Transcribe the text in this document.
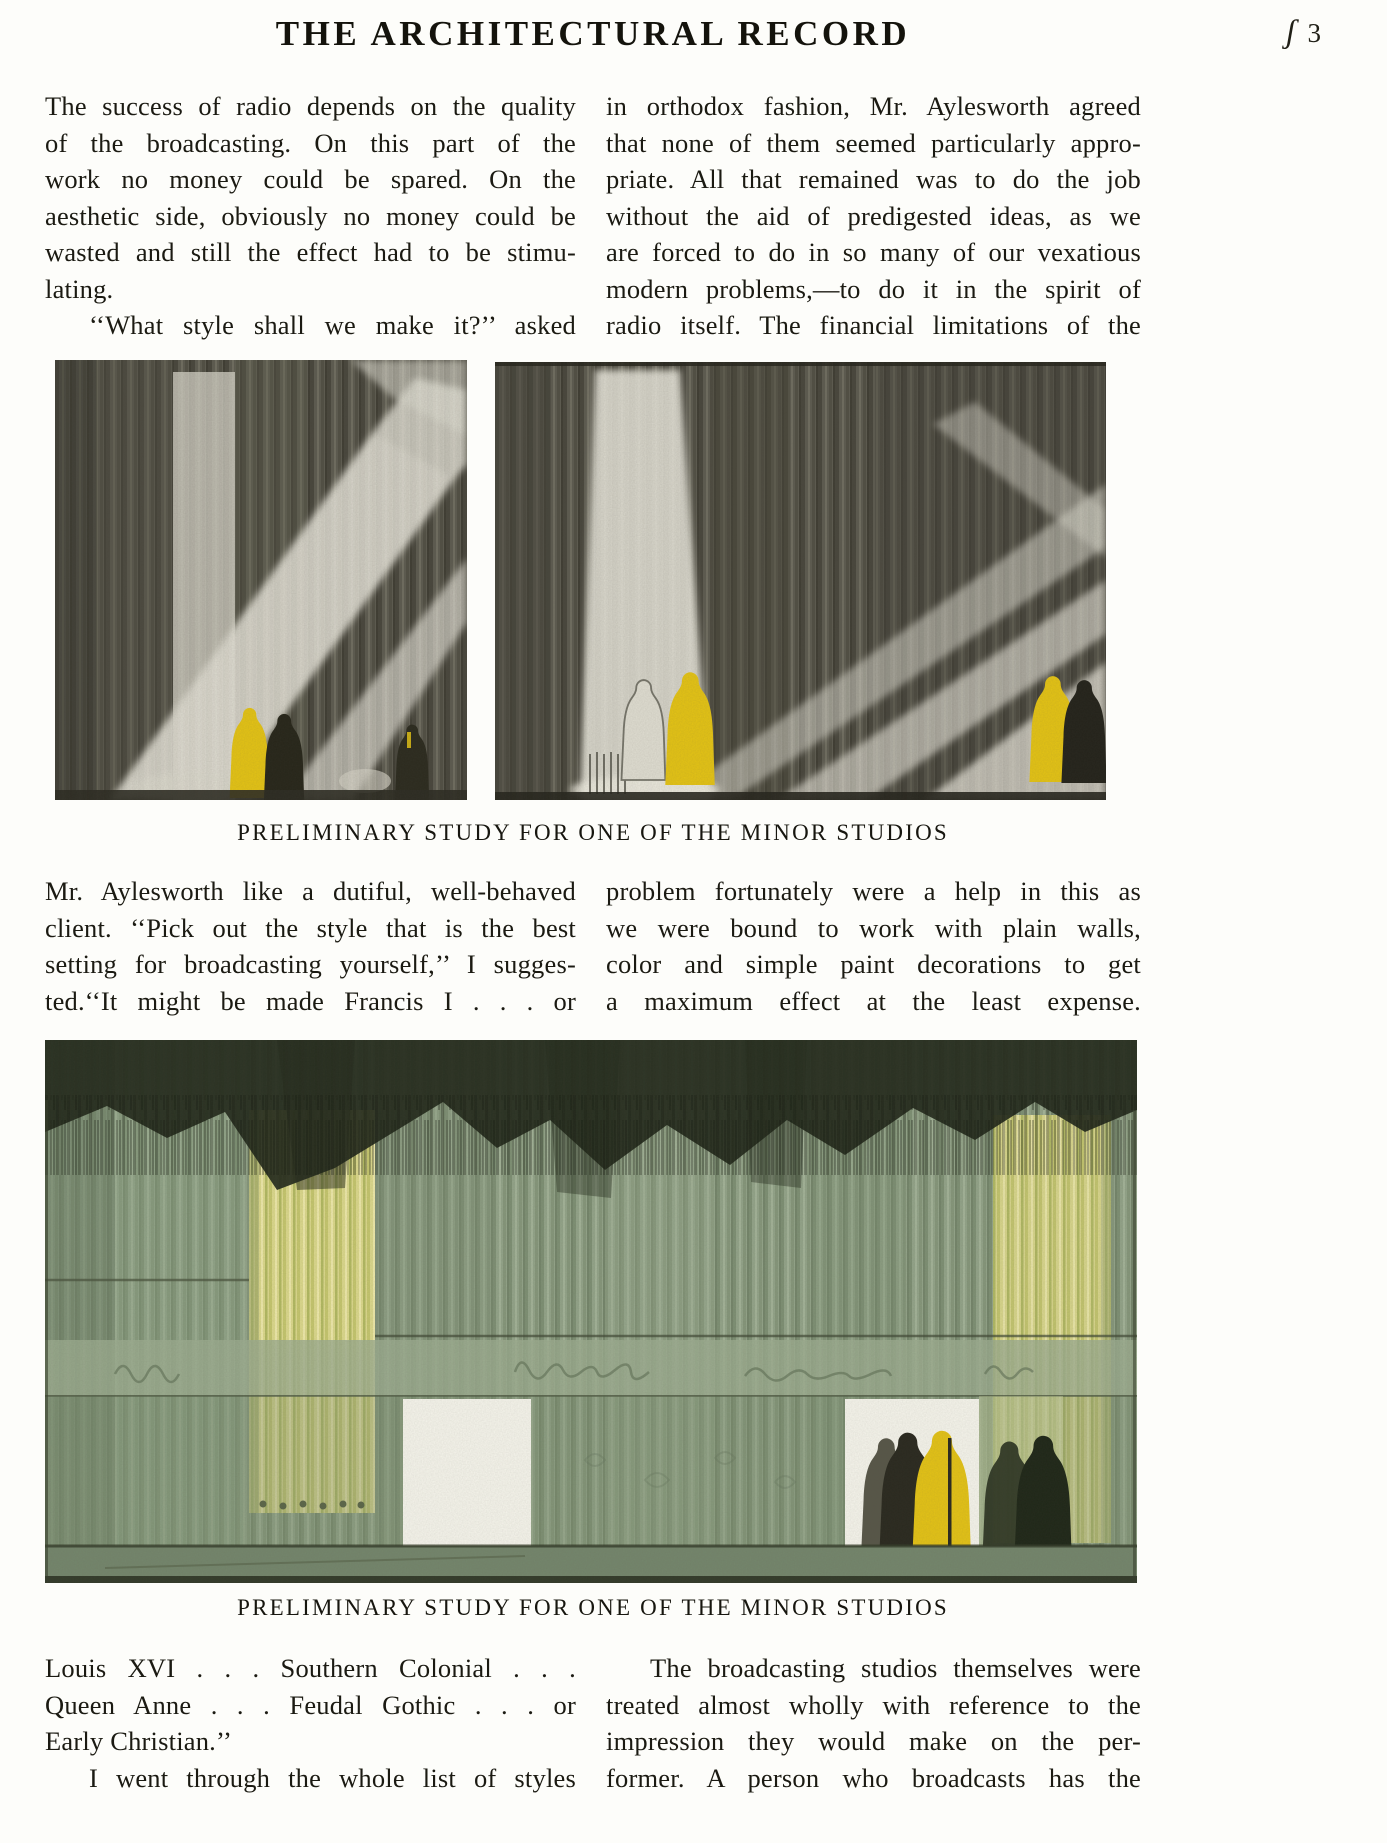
THE ARCHITECTURAL RECORD	ʃ 3
The success of radio depends on the quality
of the broadcasting. On this part of the
work no money could be spared. On the
aesthetic side, obviously no money could be
wasted and still the effect had to be stimu-
lating.
‘‘What style shall we make it?’’ asked
in orthodox fashion, Mr. Aylesworth agreed
that none of them seemed particularly appro-
priate. All that remained was to do the job
without the aid of predigested ideas, as we
are forced to do in so many of our vexatious
modern problems,—to do it in the spirit of
radio itself. The financial limitations of the
PRELIMINARY STUDY FOR ONE OF THE MINOR STUDIOS
Mr. Aylesworth like a dutiful, well-behaved
client. ‘‘Pick out the style that is the best
setting for broadcasting yourself,’’ I sugges-
ted.‘‘It might be made Francis I . . . or
problem fortunately were a help in this as
we were bound to work with plain walls,
color and simple paint decorations to get
a maximum effect at the least expense.
PRELIMINARY STUDY FOR ONE OF THE MINOR STUDIOS
Louis XVI . . . Southern Colonial . . .
Queen Anne . . . Feudal Gothic . . . or
Early Christian.’’
I went through the whole list of styles
The broadcasting studios themselves were
treated almost wholly with reference to the
impression they would make on the per-
former. A person who broadcasts has the
